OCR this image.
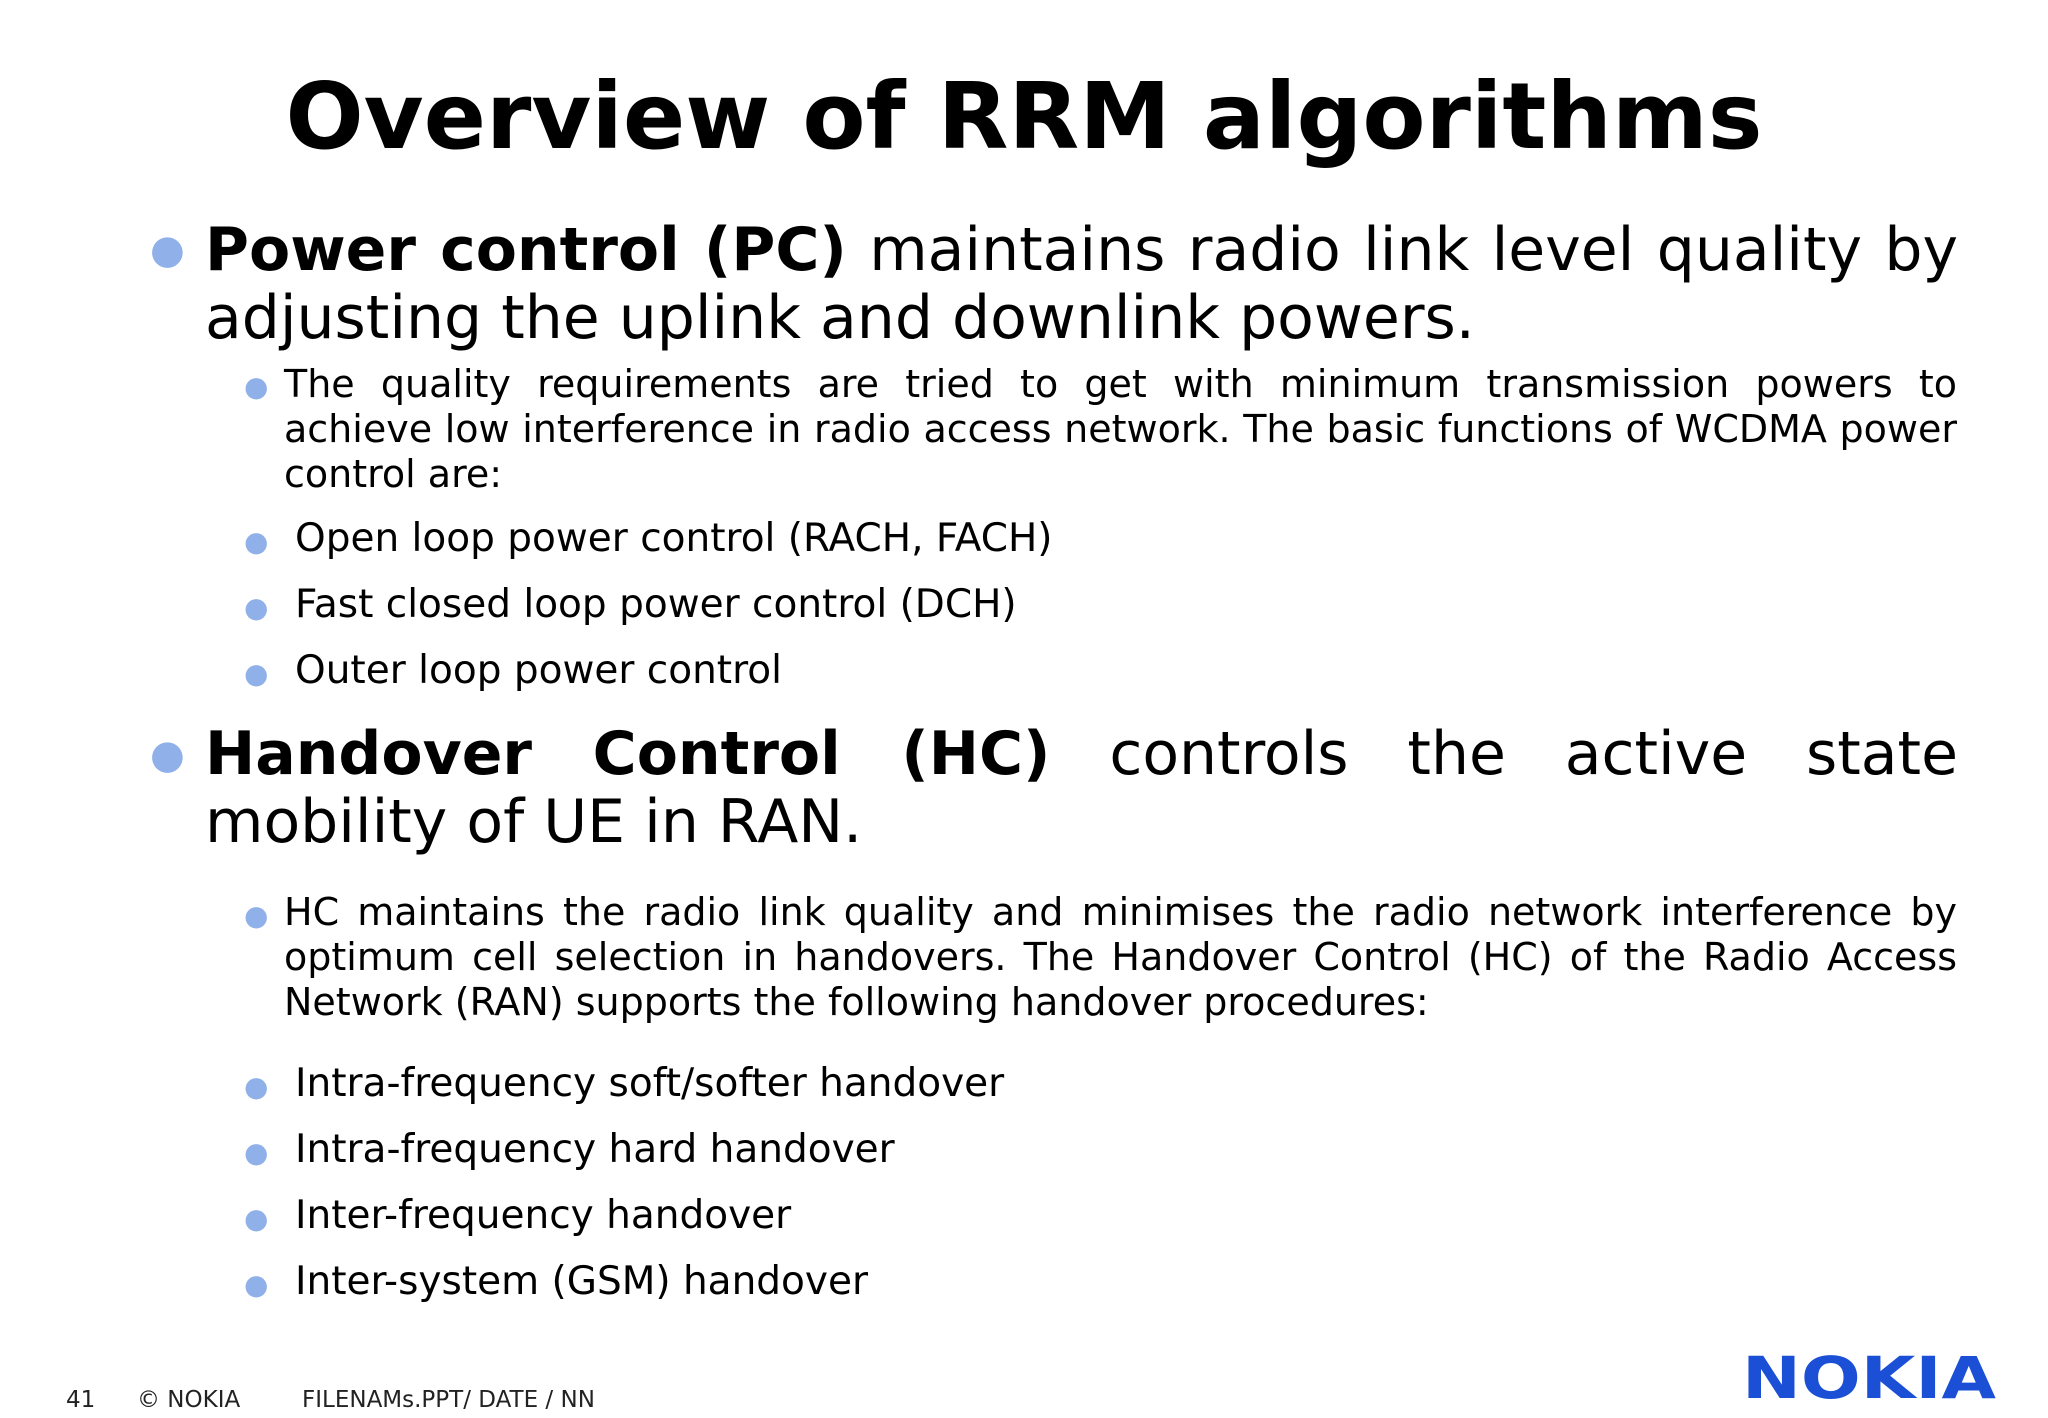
Overview of RRM algorithms
● Power control (PC) maintains radio link level quality by adjusting the uplink and downlink powers.
● The quality requirements are tried to get with minimum transmission powers to achieve low interference in radio access network. The basic functions of WCDMA power control are:
● Open loop power control (RACH, FACH)
● Fast closed loop power control (DCH)
● Outer loop power control
● Handover Control (HC) controls the active state mobility of UE in RAN.
● HC maintains the radio link quality and minimises the radio network interference by optimum cell selection in handovers. The Handover Control (HC) of the Radio Access Network (RAN) supports the following handover procedures:
● Intra-frequency soft/softer handover
● Intra-frequency hard handover
● Inter-frequency handover
● Inter-system (GSM) handover
41 © NOKIA	FILENAMs.PPT/ DATE / NN	NOKIA
